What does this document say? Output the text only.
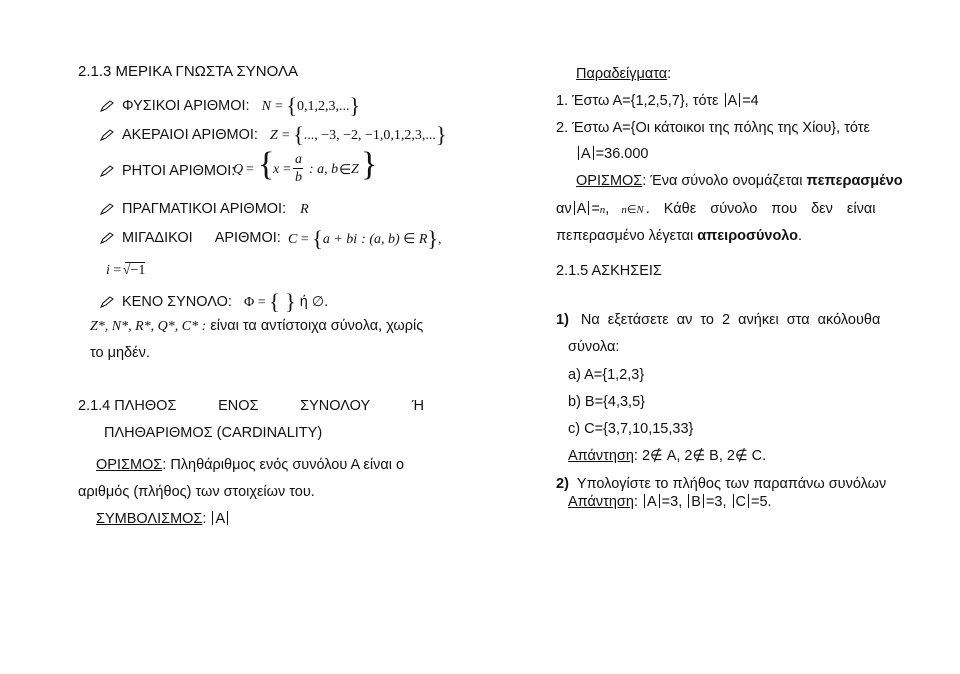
2.1.3 ΜΕΡΙΚΑ ΓΝΩΣΤΑ ΣΥΝΟΛΑ
ΦΥΣΙΚΟΙ ΑΡΙΘΜΟΙ: N = {0,1,2,3,...}
ΑΚΕΡΑΙΟΙ ΑΡΙΘΜΟΙ: Z = {..., −3, −2, −1,0,1,2,3,...}
ΡΗΤΟΙ ΑΡΙΘΜΟΙ:
Q = {
x =
a
b
: a, b ∈ Z }
ΠΡΑΓΜΑΤΙΚΟΙ ΑΡΙΘΜΟΙ: R
ΜΙΓΑΔΙΚΟΙ ΑΡΙΘΜΟΙ: C = {a + bi : (a, b) ∈ R},
i = √−1
ΚΕΝΟ ΣΥΝΟΛΟ: Φ = { } ή ∅.
Z*, N*, R*, Q*, C* : είναι τα αντίστοιχα σύνολα, χωρίς
το μηδέν.
2.1.4 ΠΛΗΘΟΣ	ΕΝΟΣ	ΣΥΝΟΛΟΥ	Ή
ΠΛΗΘΑΡΙΘΜΟΣ (CARDINALITY)
ΟΡΙΣΜΟΣ: Πληθάριθμος ενός συνόλου Α είναι ο
αριθμός (πλήθος) των στοιχείων του.
ΣΥΜΒΟΛΙΣΜΟΣ: A
Παραδείγματα:
1. Έστω Α={1,2,5,7}, τότε Α =4
2. Έστω Α={Οι κάτοικοι της πόλης της Χίου}, τότε
Α =36.000
ΟΡΙΣΜΟΣ: Ένα σύνολο ονομάζεται πεπερασμένο
αν Α =n, n∈N . Κάθε σύνολο που δεν είναι
πεπερασμένο λέγεται απειροσύνολο.
2.1.5 ΑΣΚΗΣΕΙΣ
1) Να εξετάσετε αν το 2 ανήκει στα ακόλουθα
σύνολα:
a) A={1,2,3}
b) B={4,3,5}
c) C={3,7,10,15,33}
Απάντηση: 2∉ A, 2∉ B, 2∉ C.
2) Υπολογίστε το πλήθος των παραπάνω συνόλων
Απάντηση: Α =3, Β =3, C =5.
